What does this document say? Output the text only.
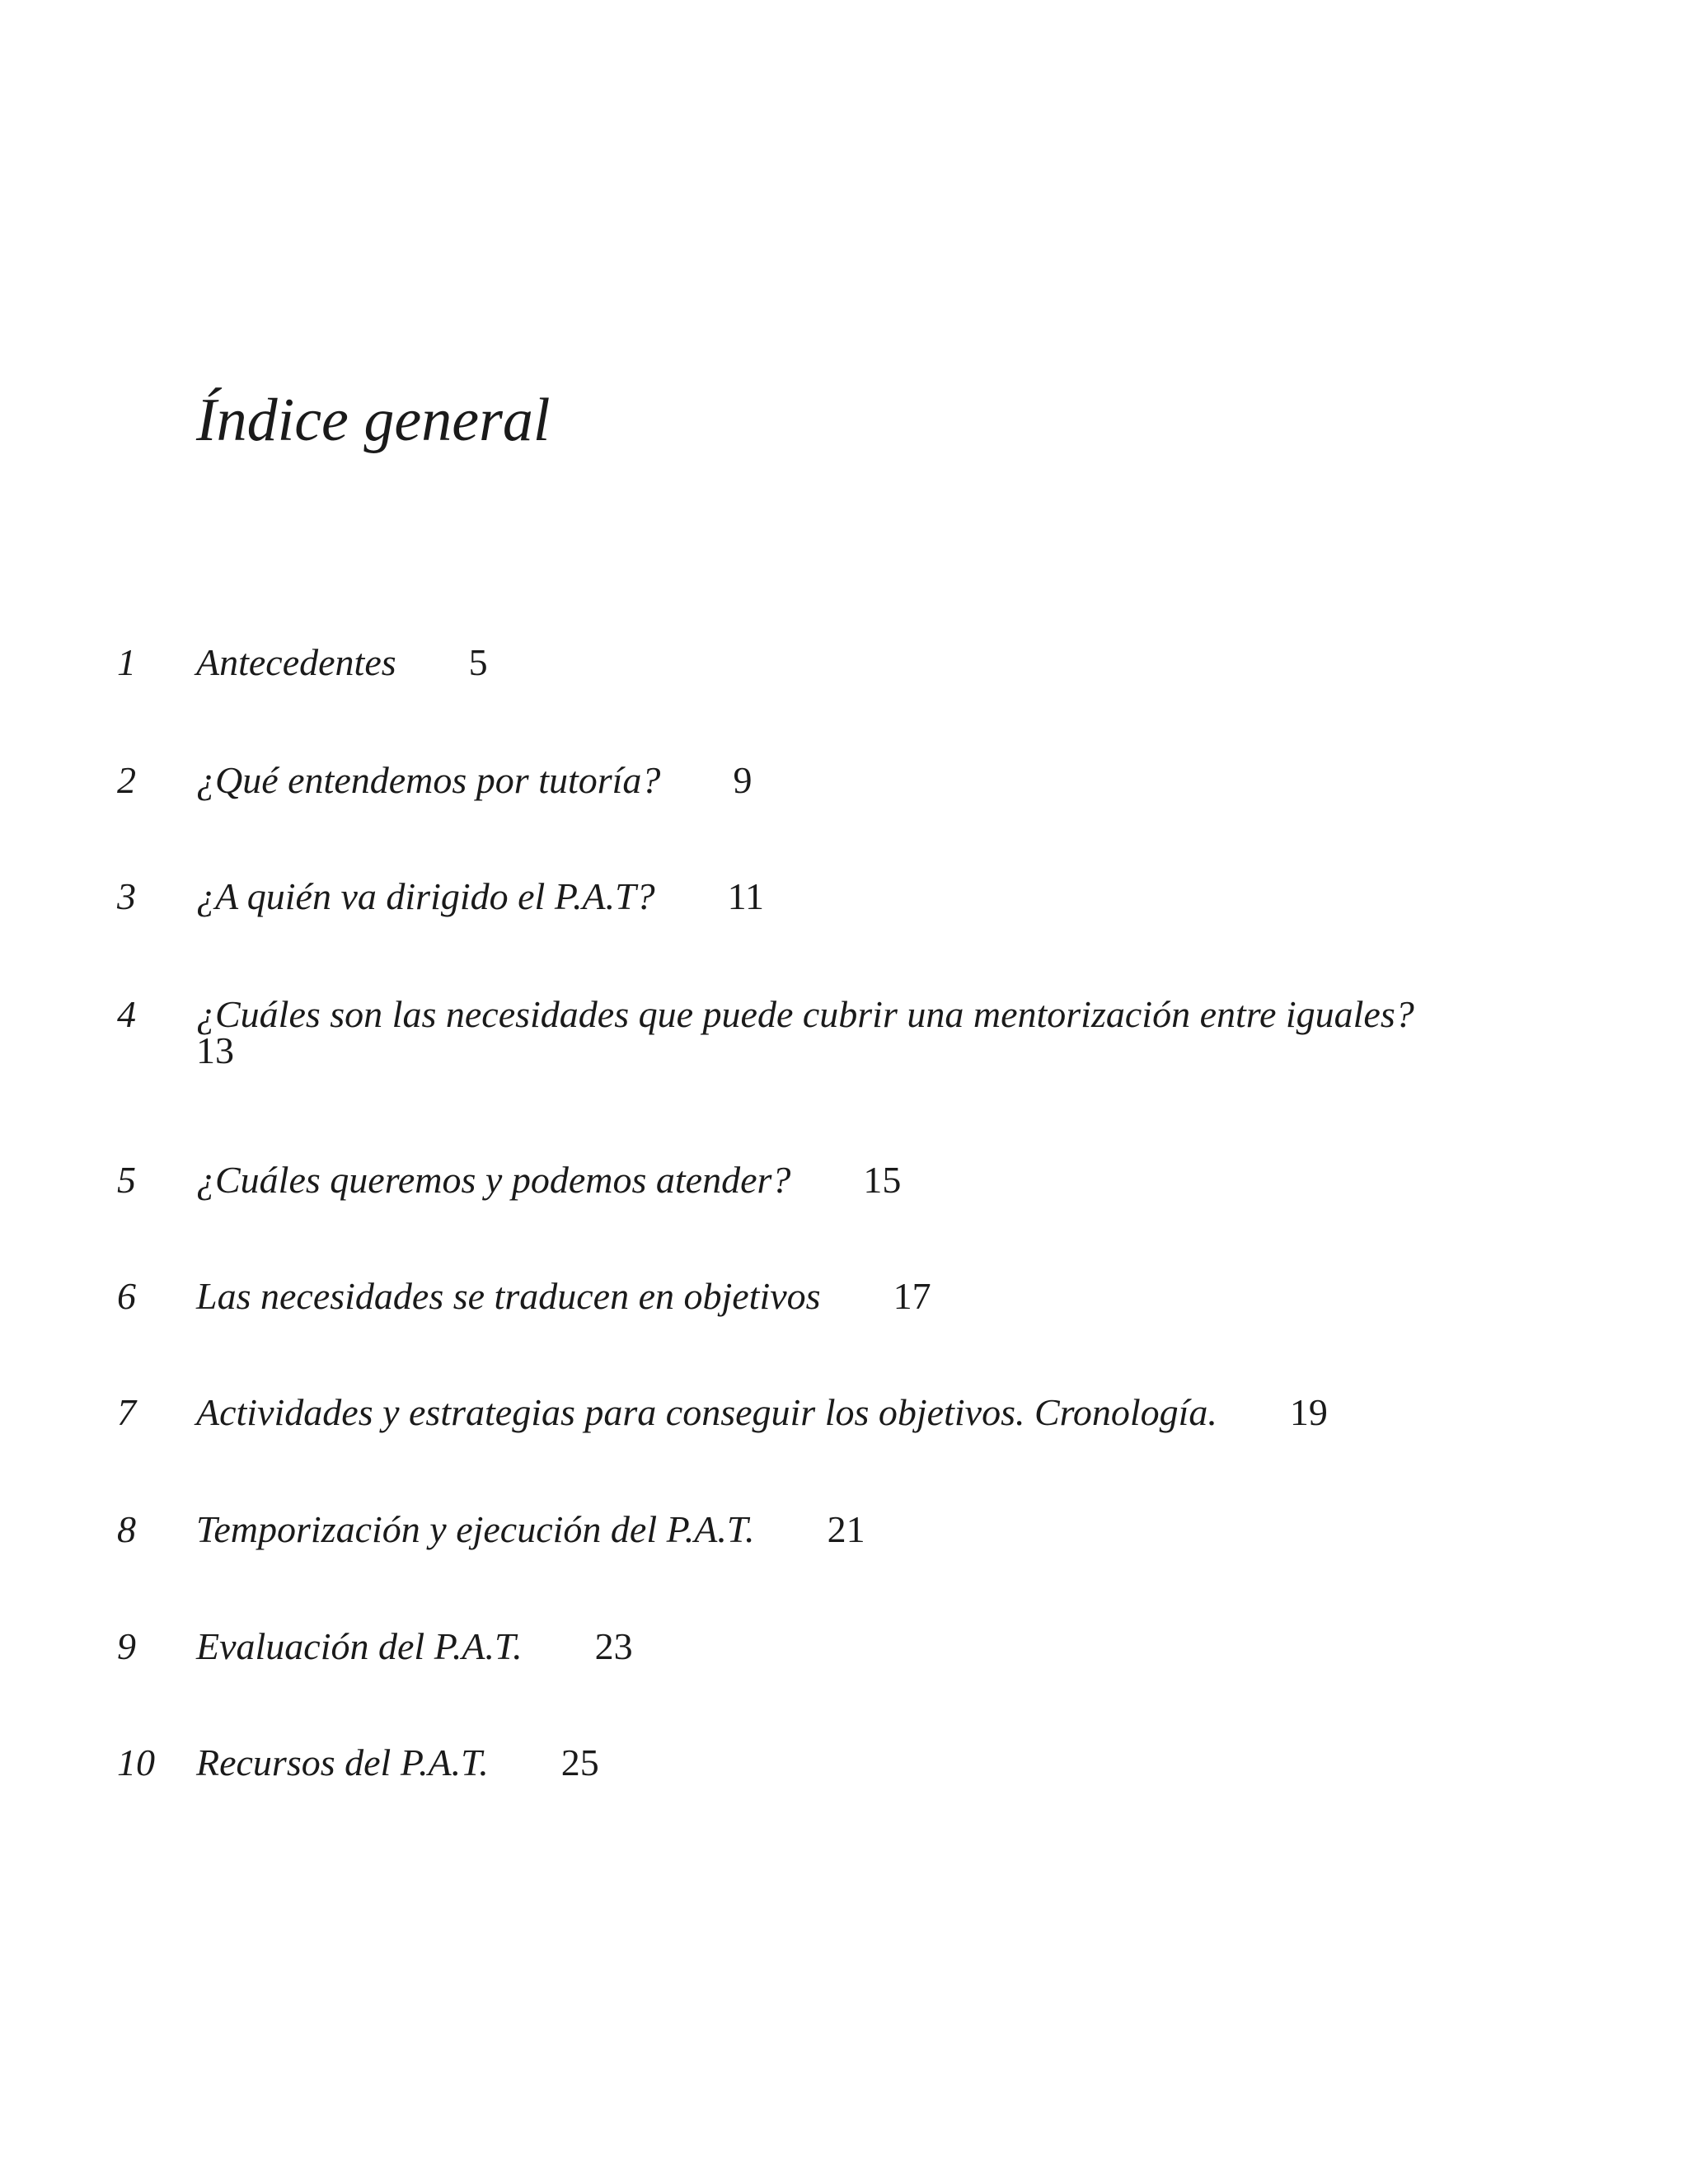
Índice general
1 Antecedentes 5
2 ¿Qué entendemos por tutoría? 9
3 ¿A quién va dirigido el P.A.T? 11
4 ¿Cuáles son las necesidades que puede cubrir una mentorización entre iguales?
13
5 ¿Cuáles queremos y podemos atender? 15
6 Las necesidades se traducen en objetivos 17
7 Actividades y estrategias para conseguir los objetivos. Cronología. 19
8 Temporización y ejecución del P.A.T. 21
9 Evaluación del P.A.T. 23
10 Recursos del P.A.T. 25
